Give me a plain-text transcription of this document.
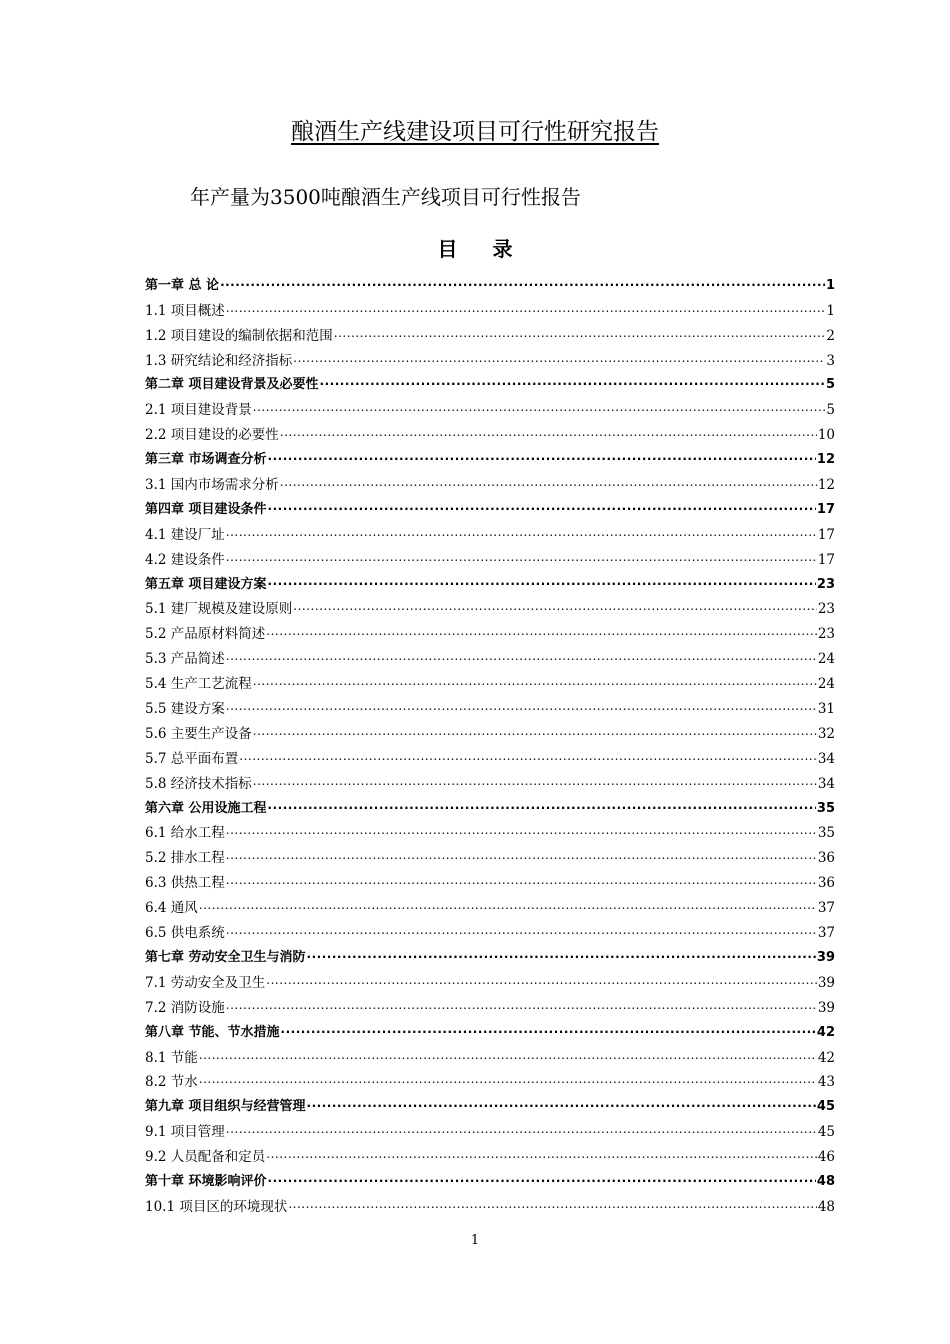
酿酒生产线建设项目可行性研究报告
年产量为3500吨酿酒生产线项目可行性报告
目 录
第一章 总 论 .....	1
1.1 项目概述 .....	1
1.2 项目建设的编制依据和范围 .....	2
1.3 研究结论和经济指标 .....	3
第二章 项目建设背景及必要性 .....	5
2.1 项目建设背景 .....	5
2.2 项目建设的必要性 .....	10
第三章 市场调查分析 .....	12
3.1 国内市场需求分析 .....	12
第四章 项目建设条件 .....	17
4.1 建设厂址 .....	17
4.2 建设条件 .....	17
第五章 项目建设方案 .....	23
5.1 建厂规模及建设原则 .....	23
5.2 产品原材料简述 .....	23
5.3 产品简述 .....	24
5.4 生产工艺流程 .....	24
5.5 建设方案 .....	31
5.6 主要生产设备 .....	32
5.7 总平面布置 .....	34
5.8 经济技术指标 .....	34
第六章 公用设施工程 .....	35
6.1 给水工程 .....	35
5.2 排水工程 .....	36
6.3 供热工程 .....	36
6.4 通风 .....	37
6.5 供电系统 .....	37
第七章 劳动安全卫生与消防 .....	39
7.1 劳动安全及卫生 .....	39
7.2 消防设施 .....	39
第八章 节能、节水措施 .....	42
8.1 节能 .....	42
8.2 节水 .....	43
第九章 项目组织与经营管理 .....	45
9.1 项目管理 .....	45
9.2 人员配备和定员 .....	46
第十章 环境影响评价 .....	48
10.1 项目区的环境现状 .....	48
1
